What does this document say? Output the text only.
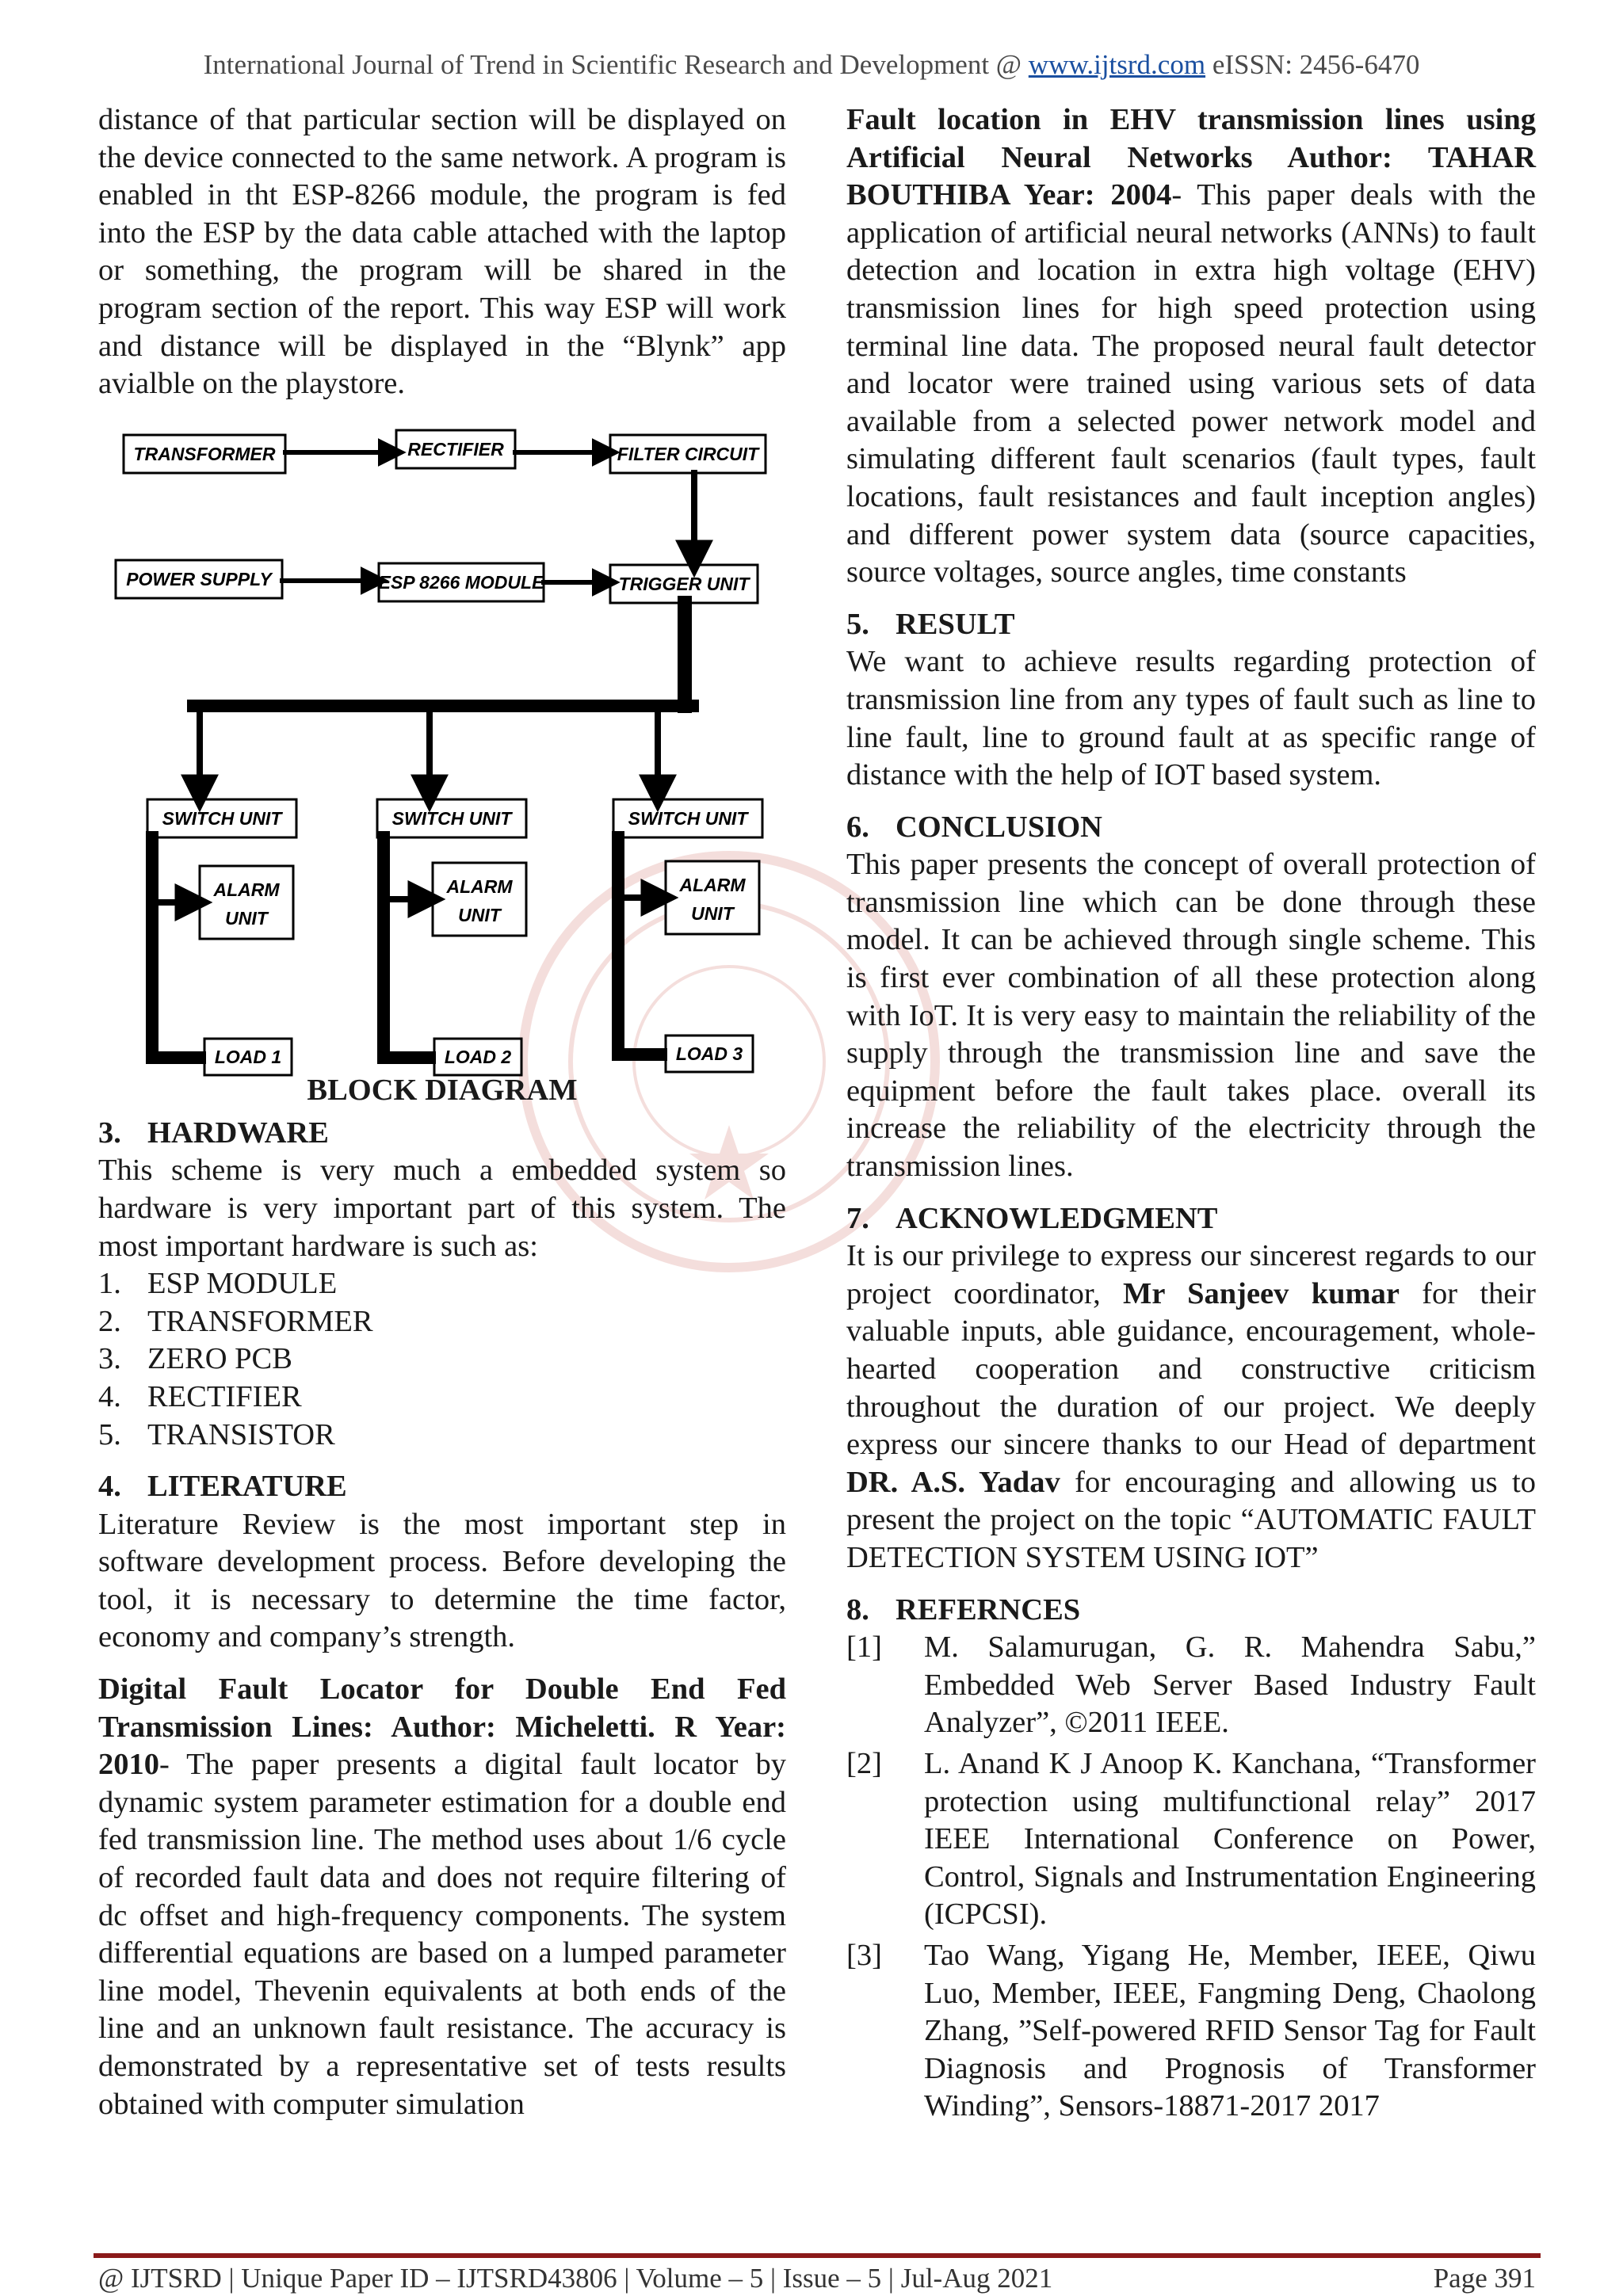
International Journal of Trend in Scientific Research and Development @ www.ijtsrd.com eISSN: 2456-6470

distance of that particular section will be displayed on the device connected to the same network. A program is enabled in tht ESP-8266 module, the program is fed into the ESP by the data cable attached with the laptop or something, the program will be shared in the program section of the report. This way ESP will work and distance will be displayed in the “Blynk” app avialble on the playstore.

TRANSFORMER	RECTIFIER	FILTER CIRCUIT
POWER SUPPLY	ESP 8266 MODULE	TRIGGER UNIT
SWITCH UNIT	SWITCH UNIT	SWITCH UNIT
ALARM
UNIT
ALARM
UNIT
ALARM
UNIT
LOAD 1	LOAD 2	LOAD 3

BLOCK DIAGRAM

3. HARDWARE

This scheme is very much a embedded system so hardware is very important part of this system. The most important hardware is such as:

1. ESP MODULE
2. TRANSFORMER
3. ZERO PCB
4. RECTIFIER
5. TRANSISTOR

4. LITERATURE

Literature Review is the most important step in software development process. Before developing the tool, it is necessary to determine the time factor, economy and company’s strength.

Digital Fault Locator for Double End Fed Transmission Lines: Author: Micheletti. R Year: 2010- The paper presents a digital fault locator by dynamic system parameter estimation for a double end fed transmission line. The method uses about 1/6 cycle of recorded fault data and does not require filtering of dc offset and high-frequency components. The system differential equations are based on a lumped parameter line model, Thevenin equivalents at both ends of the line and an unknown fault resistance. The accuracy is demonstrated by a representative set of tests results obtained with computer simulation

Fault location in EHV transmission lines using Artificial Neural Networks Author: TAHAR BOUTHIBA Year: 2004- This paper deals with the application of artificial neural networks (ANNs) to fault detection and location in extra high voltage (EHV) transmission lines for high speed protection using terminal line data. The proposed neural fault detector and locator were trained using various sets of data available from a selected power network model and simulating different fault scenarios (fault types, fault locations, fault resistances and fault inception angles) and different power system data (source capacities, source voltages, source angles, time constants

5. RESULT

We want to achieve results regarding protection of transmission line from any types of fault such as line to line fault, line to ground fault at as specific range of distance with the help of IOT based system.

6. CONCLUSION

This paper presents the concept of overall protection of transmission line which can be done through these model. It can be achieved through single scheme. This is first ever combination of all these protection along with IoT. It is very easy to maintain the reliability of the supply through the transmission line and save the equipment before the fault takes place. overall its increase the reliability of the electricity through the transmission lines.

7. ACKNOWLEDGMENT

It is our privilege to express our sincerest regards to our project coordinator, Mr Sanjeev kumar for their valuable inputs, able guidance, encouragement, whole-hearted cooperation and constructive criticism throughout the duration of our project. We deeply express our sincere thanks to our Head of department DR. A.S. Yadav for encouraging and allowing us to present the project on the topic “AUTOMATIC FAULT DETECTION SYSTEM USING IOT”

8. REFERNCES

[1]	M. Salamurugan, G. R. Mahendra Sabu,” Embedded Web Server Based Industry Fault Analyzer”, ©2011 IEEE.
[2]	L. Anand K J Anoop K. Kanchana, “Transformer protection using multifunctional relay” 2017 IEEE International Conference on Power, Control, Signals and Instrumentation Engineering (ICPCSI).
[3]	Tao Wang, Yigang He, Member, IEEE, Qiwu Luo, Member, IEEE, Fangming Deng, Chaolong Zhang, ”Self-powered RFID Sensor Tag for Fault Diagnosis and Prognosis of Transformer Winding”, Sensors-18871-2017 2017
@ IJTSRD | Unique Paper ID – IJTSRD43806 | Volume – 5 | Issue – 5 | Jul-Aug 2021	Page 391
